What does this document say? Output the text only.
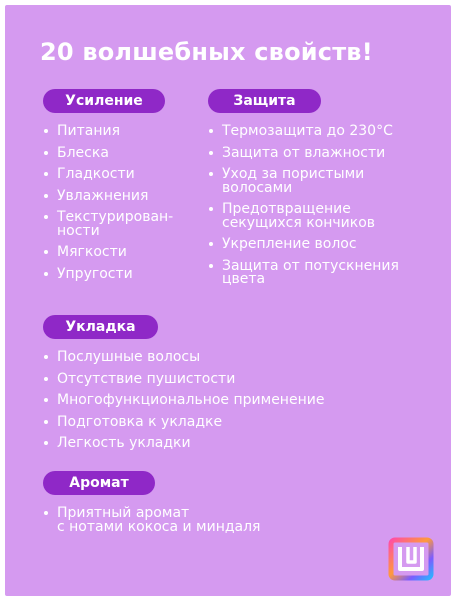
20 волшебных свойств!
Усиление
Питания
Блеска
Гладкости
Увлажнения
Текстурирован-
ности
Мягкости
Упругости
Защита
Термозащита до 230°С
Защита от влажности
Уход за пористыми
волосами
Предотвращение
секущихся кончиков
Укрепление волос
Защита от потускнения
цвета
Укладка
Послушные волосы
Отсутствие пушистости
Многофункциональное применение
Подготовка к укладке
Легкость укладки
Аромат
Приятный аромат
с нотами кокоса и миндаля
